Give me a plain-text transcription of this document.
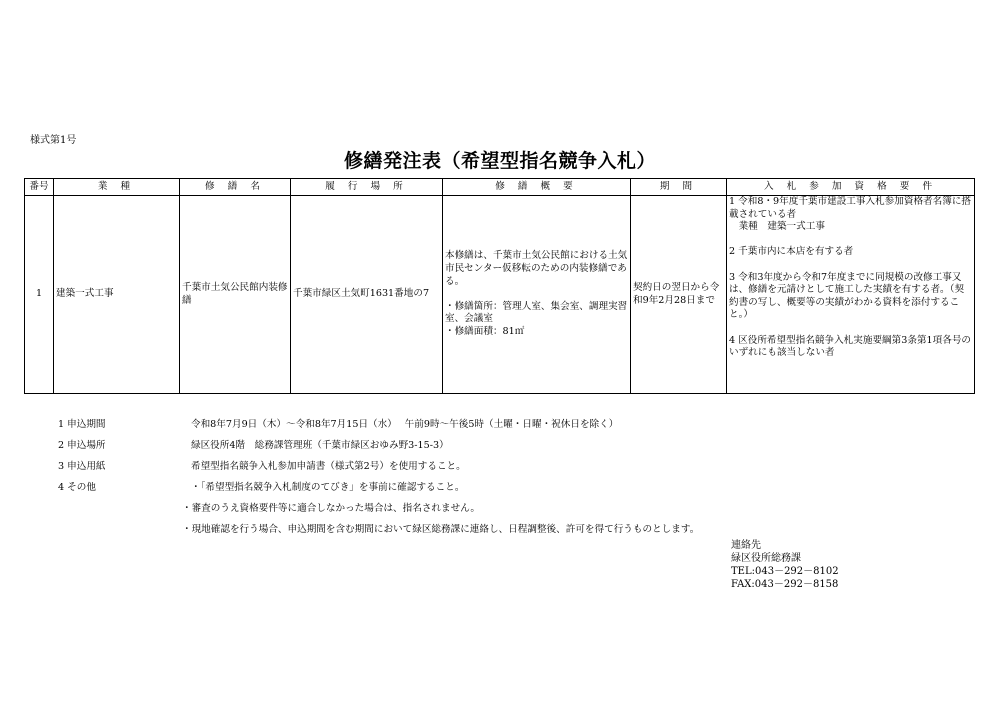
様式第1号
修繕発注表（希望型指名競争入札）
番号	業 種	修 繕 名	履 行 場 所	修 繕 概 要	期 間	入 札 参 加 資 格 要 件
1	建築一式工事	千葉市土気公民館内装修繕	千葉市緑区土気町1631番地の7	本修繕は、千葉市土気公民館における土気市民センター仮移転のための内装修繕である。

・修繕箇所：管理人室、集会室、調理実習室、会議室
・修繕面積：81㎡	契約日の翌日から令和9年2月28日まで	1 令和8・9年度千葉市建設工事入札参加資格者名簿に搭載されている者
　業種　建築一式工事

2 千葉市内に本店を有する者

3 令和3年度から令和7年度までに同規模の改修工事又は、修繕を元請けとして施工した実績を有する者。（契約書の写し、概要等の実績がわかる資料を添付すること。）

4 区役所希望型指名競争入札実施要綱第3条第1項各号のいずれにも該当しない者
1 申込期間	令和8年7月9日（木）～令和8年7月15日（水）　 午前9時～午後5時（土曜・日曜・祝休日を除く）
2 申込場所	緑区役所4階　総務課管理班（千葉市緑区おゆみ野3-15-3）
3 申込用紙	希望型指名競争入札参加申請書（様式第2号）を使用すること。
4 その他	・「希望型指名競争入札制度のてびき」を事前に確認すること。
・審査のうえ資格要件等に適合しなかった場合は、指名されません。
・現地確認を行う場合、申込期間を含む期間において緑区総務課に連絡し、日程調整後、許可を得て行うものとします。
連絡先
緑区役所総務課
TEL:043－292－8102
FAX:043－292－8158
